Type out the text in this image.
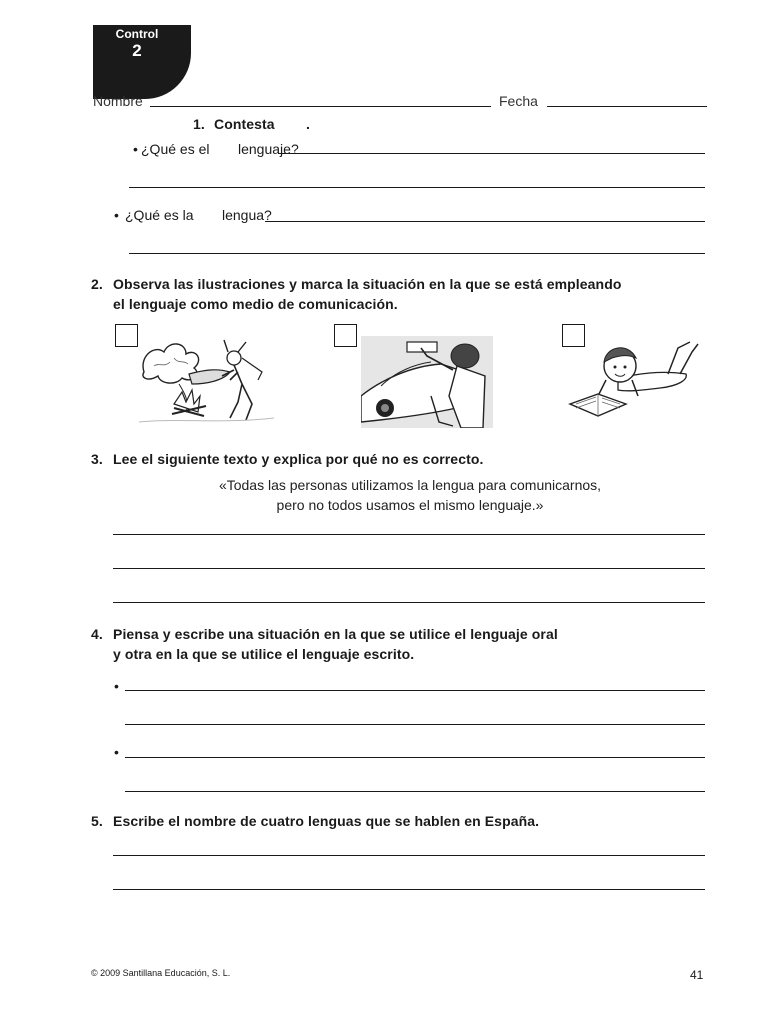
Control
2
Nombre	Fecha
1. Contesta .
• ¿Qué es el lenguaje?
• ¿Qué es la lengua?
2. Observa las ilustraciones y marca la situación en la que se está empleando
el lenguaje como medio de comunicación.
3. Lee el siguiente texto y explica por qué no es correcto.
«Todas las personas utilizamos la lengua para comunicarnos,
pero no todos usamos el mismo lenguaje.»
4. Piensa y escribe una situación en la que se utilice el lenguaje oral
y otra en la que se utilice el lenguaje escrito.
•
•
5. Escribe el nombre de cuatro lenguas que se hablen en España.
© 2009 Santillana Educación, S. L.	41
